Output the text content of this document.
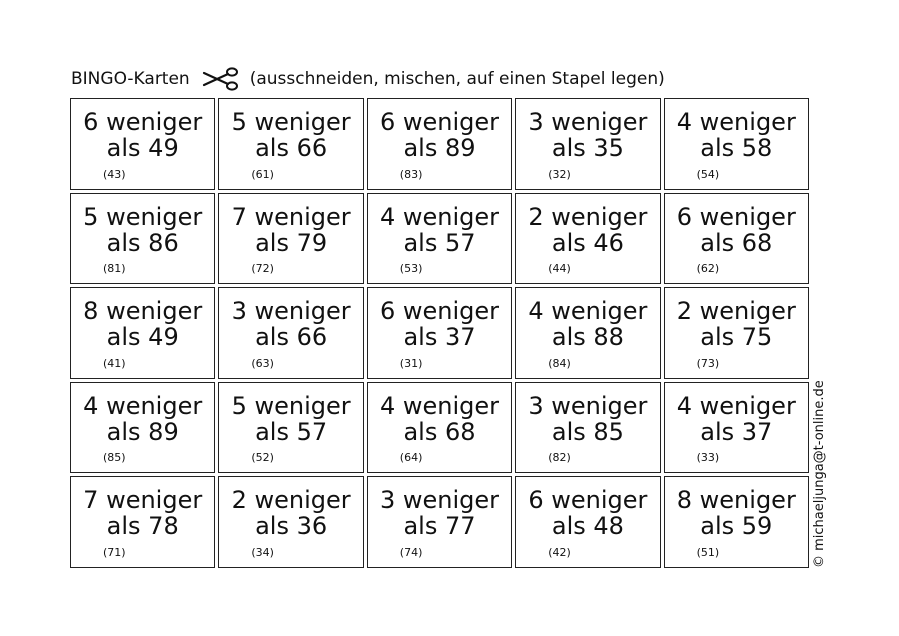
BINGO-Karten	(ausschneiden, mischen, auf einen Stapel legen)
6 weniger
als 49
(43)
5 weniger
als 66
(61)
6 weniger
als 89
(83)
3 weniger
als 35
(32)
4 weniger
als 58
(54)
5 weniger
als 86
(81)
7 weniger
als 79
(72)
4 weniger
als 57
(53)
2 weniger
als 46
(44)
6 weniger
als 68
(62)
8 weniger
als 49
(41)
3 weniger
als 66
(63)
6 weniger
als 37
(31)
4 weniger
als 88
(84)
2 weniger
als 75
(73)
4 weniger
als 89
(85)
5 weniger
als 57
(52)
4 weniger
als 68
(64)
3 weniger
als 85
(82)
4 weniger
als 37
(33)
7 weniger
als 78
(71)
2 weniger
als 36
(34)
3 weniger
als 77
(74)
6 weniger
als 48
(42)
8 weniger
als 59
(51)	© michaeljunga@t-online.de
